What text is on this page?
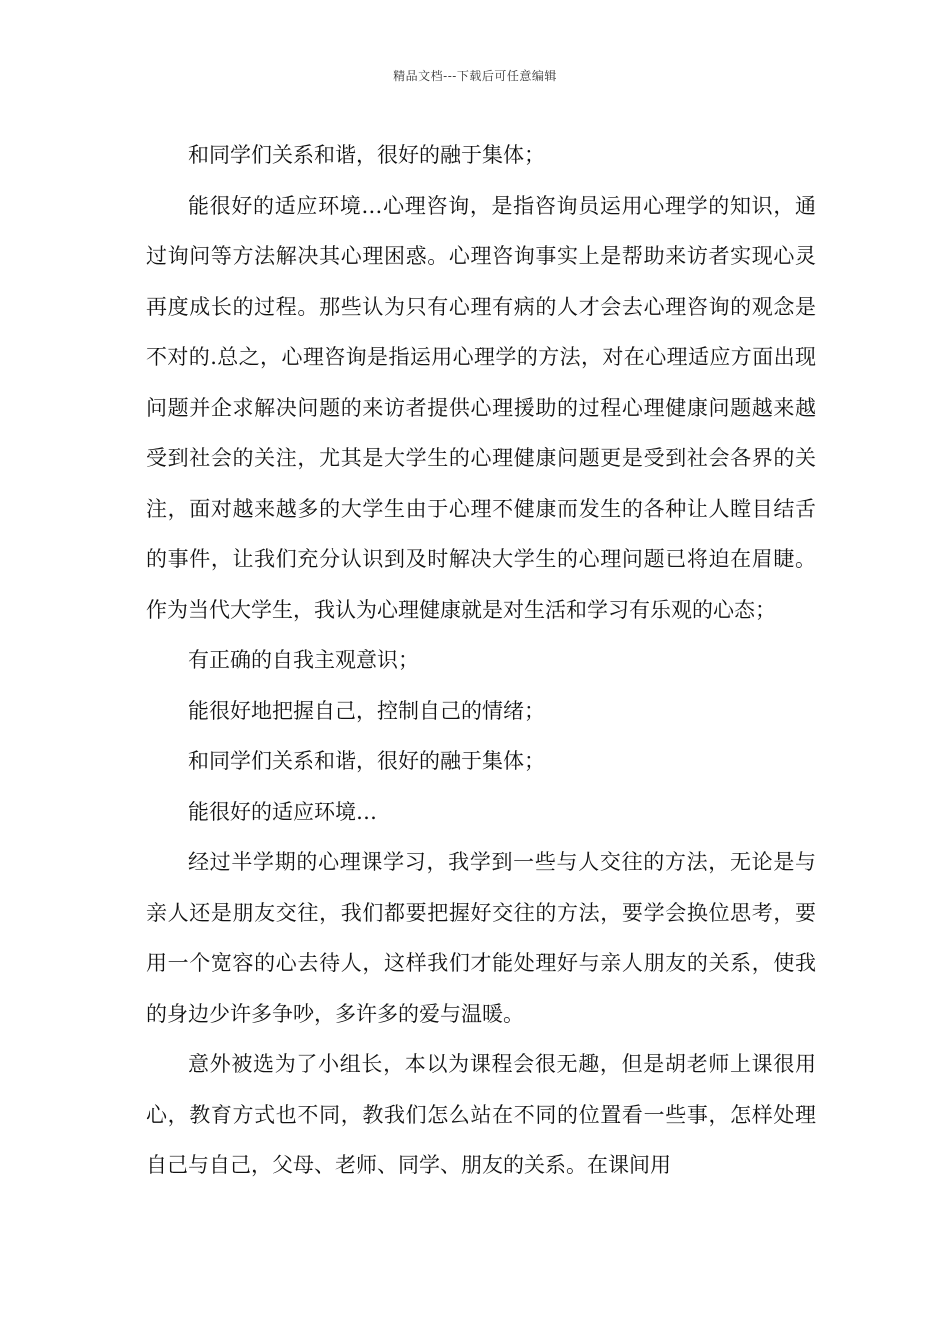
精品文档---下载后可任意编辑

和同学们关系和谐，很好的融于集体；

能很好的适应环境…心理咨询，是指咨询员运用心理学的知识，通过询问等方法解决其心理困惑。心理咨询事实上是帮助来访者实现心灵再度成长的过程。那些认为只有心理有病的人才会去心理咨询的观念是不对的.总之，心理咨询是指运用心理学的方法，对在心理适应方面出现问题并企求解决问题的来访者提供心理援助的过程心理健康问题越来越受到社会的关注，尤其是大学生的心理健康问题更是受到社会各界的关注，面对越来越多的大学生由于心理不健康而发生的各种让人瞠目结舌的事件，让我们充分认识到及时解决大学生的心理问题已将迫在眉睫。作为当代大学生，我认为心理健康就是对生活和学习有乐观的心态；

有正确的自我主观意识；

能很好地把握自己，控制自己的情绪；

和同学们关系和谐，很好的融于集体；

能很好的适应环境…

经过半学期的心理课学习，我学到一些与人交往的方法，无论是与亲人还是朋友交往，我们都要把握好交往的方法，要学会换位思考，要用一个宽容的心去待人，这样我们才能处理好与亲人朋友的关系，使我的身边少许多争吵，多许多的爱与温暖。

意外被选为了小组长，本以为课程会很无趣，但是胡老师上课很用心，教育方式也不同，教我们怎么站在不同的位置看一些事，怎样处理自己与自己，父母、老师、同学、朋友的关系。在课间用
